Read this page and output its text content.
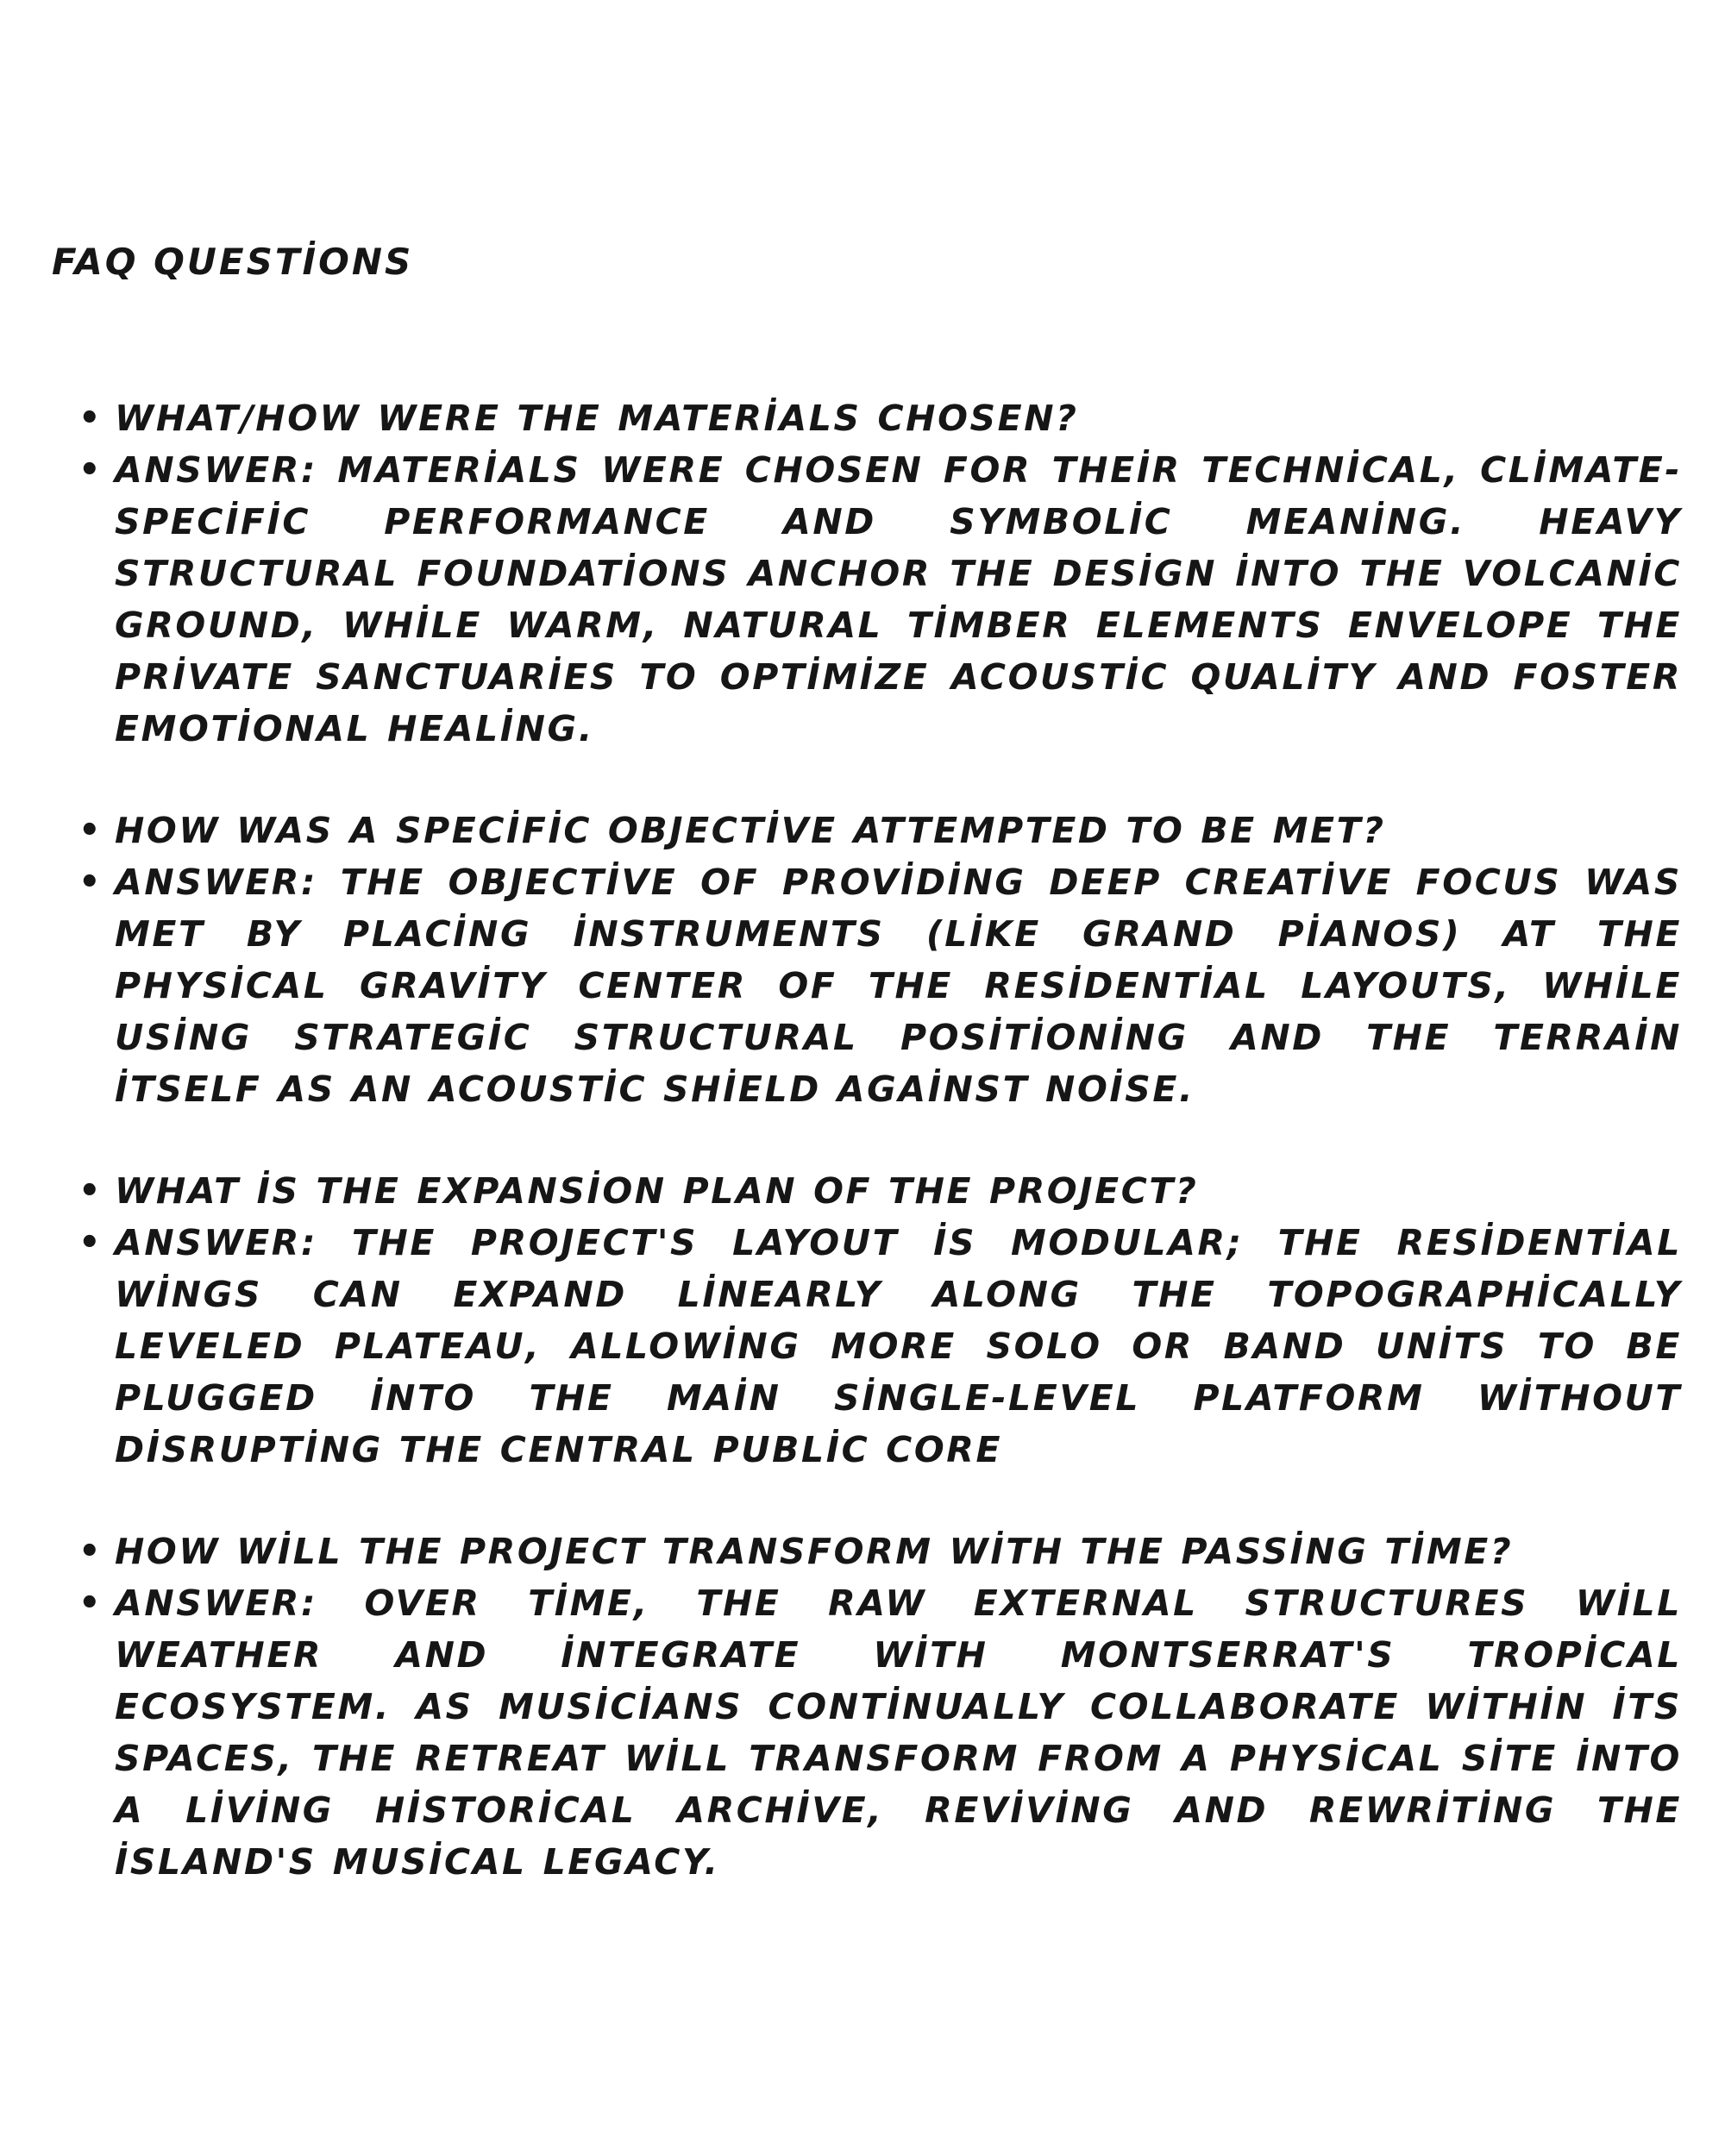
FAQ QUESTİONS
• WHAT/HOW WERE THE MATERİALS CHOSEN?
• ANSWER: MATERİALS WERE CHOSEN FOR THEİR TECHNİCAL, CLİMATE-SPECİFİC PERFORMANCE AND SYMBOLİC MEANİNG. HEAVY STRUCTURAL FOUNDATİONS ANCHOR THE DESİGN İNTO THE VOLCANİC GROUND, WHİLE WARM, NATURAL TİMBER ELEMENTS ENVELOPE THE PRİVATE SANCTUARİES TO OPTİMİZE ACOUSTİC QUALİTY AND FOSTER EMOTİONAL HEALİNG.
• HOW WAS A SPECİFİC OBJECTİVE ATTEMPTED TO BE MET?
• ANSWER: THE OBJECTİVE OF PROVİDİNG DEEP CREATİVE FOCUS WAS MET BY PLACİNG İNSTRUMENTS (LİKE GRAND PİANOS) AT THE PHYSİCAL GRAVİTY CENTER OF THE RESİDENTİAL LAYOUTS, WHİLE USİNG STRATEGİC STRUCTURAL POSİTİONİNG AND THE TERRAİN İTSELF AS AN ACOUSTİC SHİELD AGAİNST NOİSE.
• WHAT İS THE EXPANSİON PLAN OF THE PROJECT?
• ANSWER: THE PROJECT'S LAYOUT İS MODULAR; THE RESİDENTİAL WİNGS CAN EXPAND LİNEARLY ALONG THE TOPOGRAPHİCALLY LEVELED PLATEAU, ALLOWİNG MORE SOLO OR BAND UNİTS TO BE PLUGGED İNTO THE MAİN SİNGLE-LEVEL PLATFORM WİTHOUT DİSRUPTİNG THE CENTRAL PUBLİC CORE
• HOW WİLL THE PROJECT TRANSFORM WİTH THE PASSİNG TİME?
• ANSWER: OVER TİME, THE RAW EXTERNAL STRUCTURES WİLL WEATHER AND İNTEGRATE WİTH MONTSERRAT'S TROPİCAL ECOSYSTEM. AS MUSİCİANS CONTİNUALLY COLLABORATE WİTHİN İTS SPACES, THE RETREAT WİLL TRANSFORM FROM A PHYSİCAL SİTE İNTO A LİVİNG HİSTORİCAL ARCHİVE, REVİVİNG AND REWRİTİNG THE İSLAND'S MUSİCAL LEGACY.
